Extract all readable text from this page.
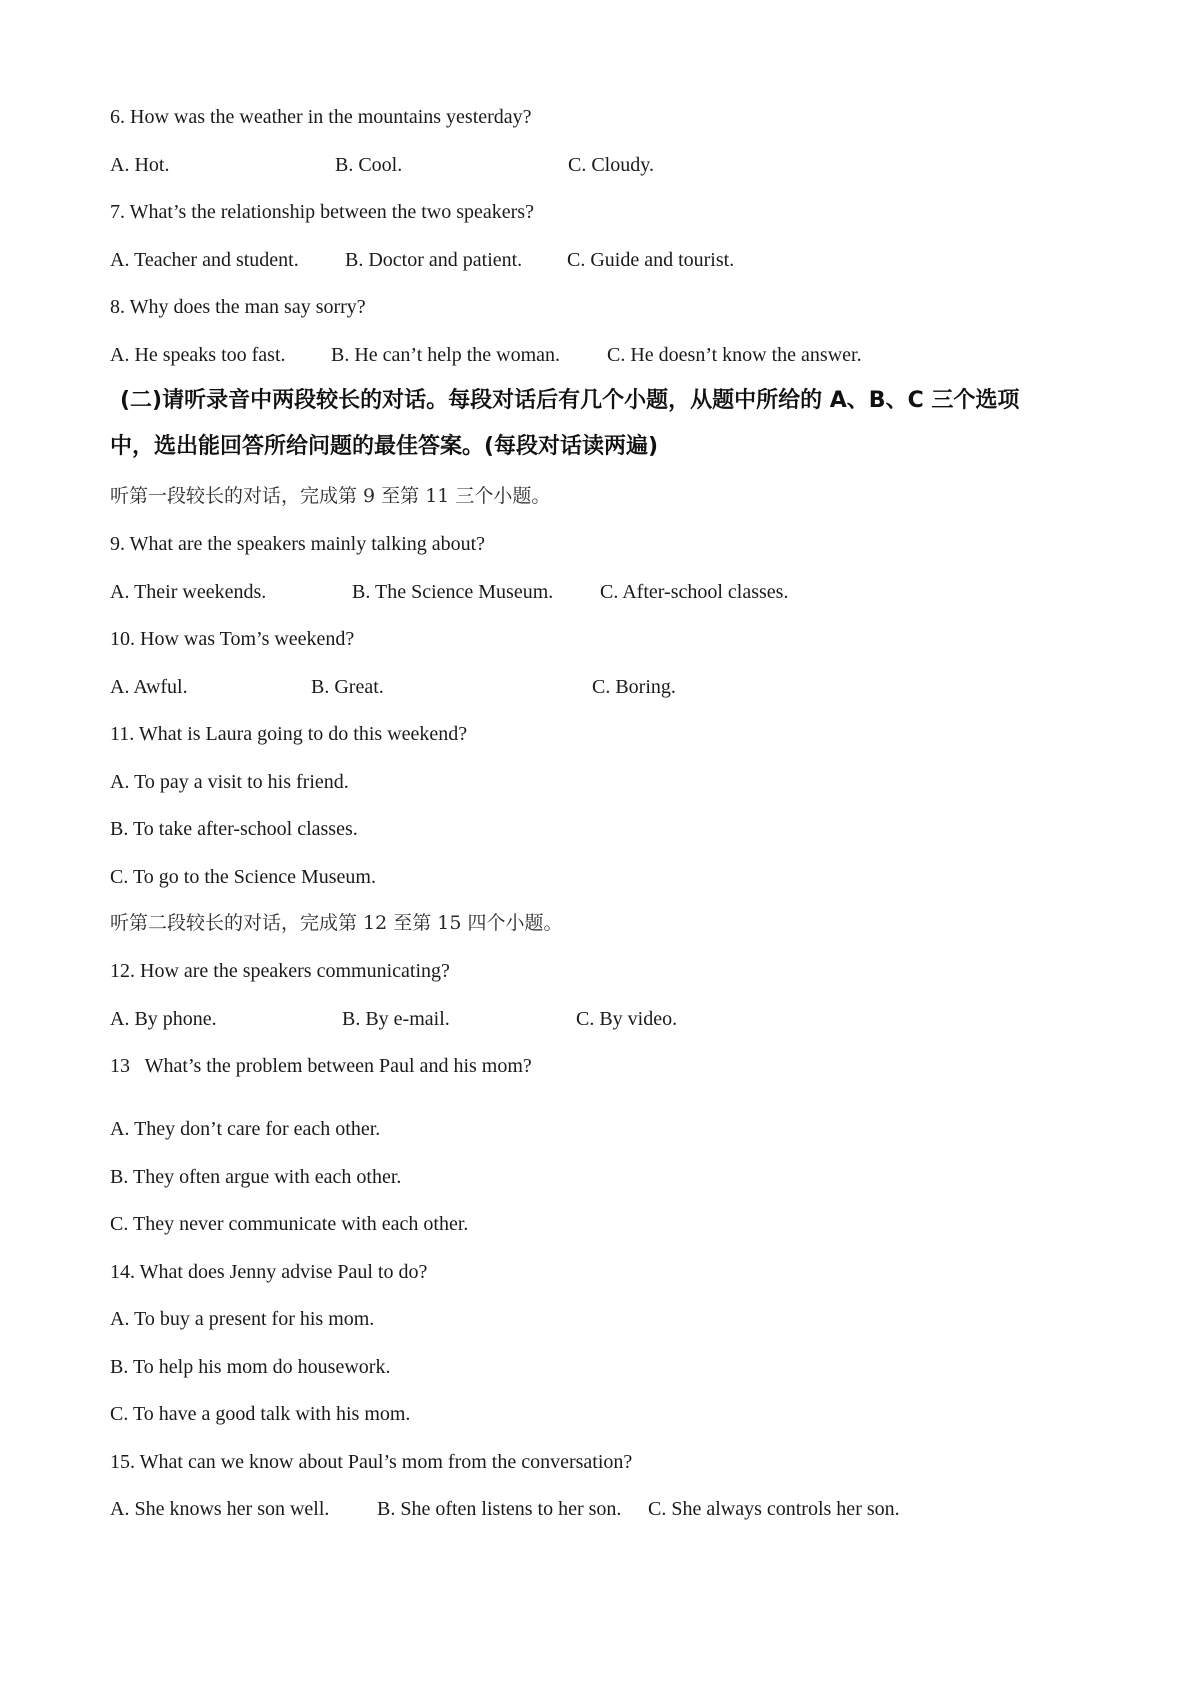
6. How was the weather in the mountains yesterday?
A. Hot.	B. Cool.	C. Cloudy.
7. What’s the relationship between the two speakers?
A. Teacher and student. B. Doctor and patient. C. Guide and tourist.
8. Why does the man say sorry?
A. He speaks too fast. B. He can’t help the woman. C. He doesn’t know the answer.
(二)请听录音中两段较长的对话。每段对话后有几个小题，从题中所给的 A、B、C 三个选项
中，选出能回答所给问题的最佳答案。(每段对话读两遍)
听第一段较长的对话，完成第 9 至第 11 三个小题。
9. What are the speakers mainly talking about?
A. Their weekends.	B. The Science Museum. C. After-school classes.
10. How was Tom’s weekend?
A. Awful.	B. Great.	C. Boring.
11. What is Laura going to do this weekend?
A. To pay a visit to his friend.
B. To take after-school classes.
C. To go to the Science Museum.
听第二段较长的对话，完成第 12 至第 15 四个小题。
12. How are the speakers communicating?
A. By phone.	B. By e-mail.	C. By video.
13   What’s the problem between Paul and his mom?
A. They don’t care for each other.
B. They often argue with each other.
C. They never communicate with each other.
14. What does Jenny advise Paul to do?
A. To buy a present for his mom.
B. To help his mom do housework.
C. To have a good talk with his mom.
15. What can we know about Paul’s mom from the conversation?
A. She knows her son well. B. She often listens to her son. C. She always controls her son.
